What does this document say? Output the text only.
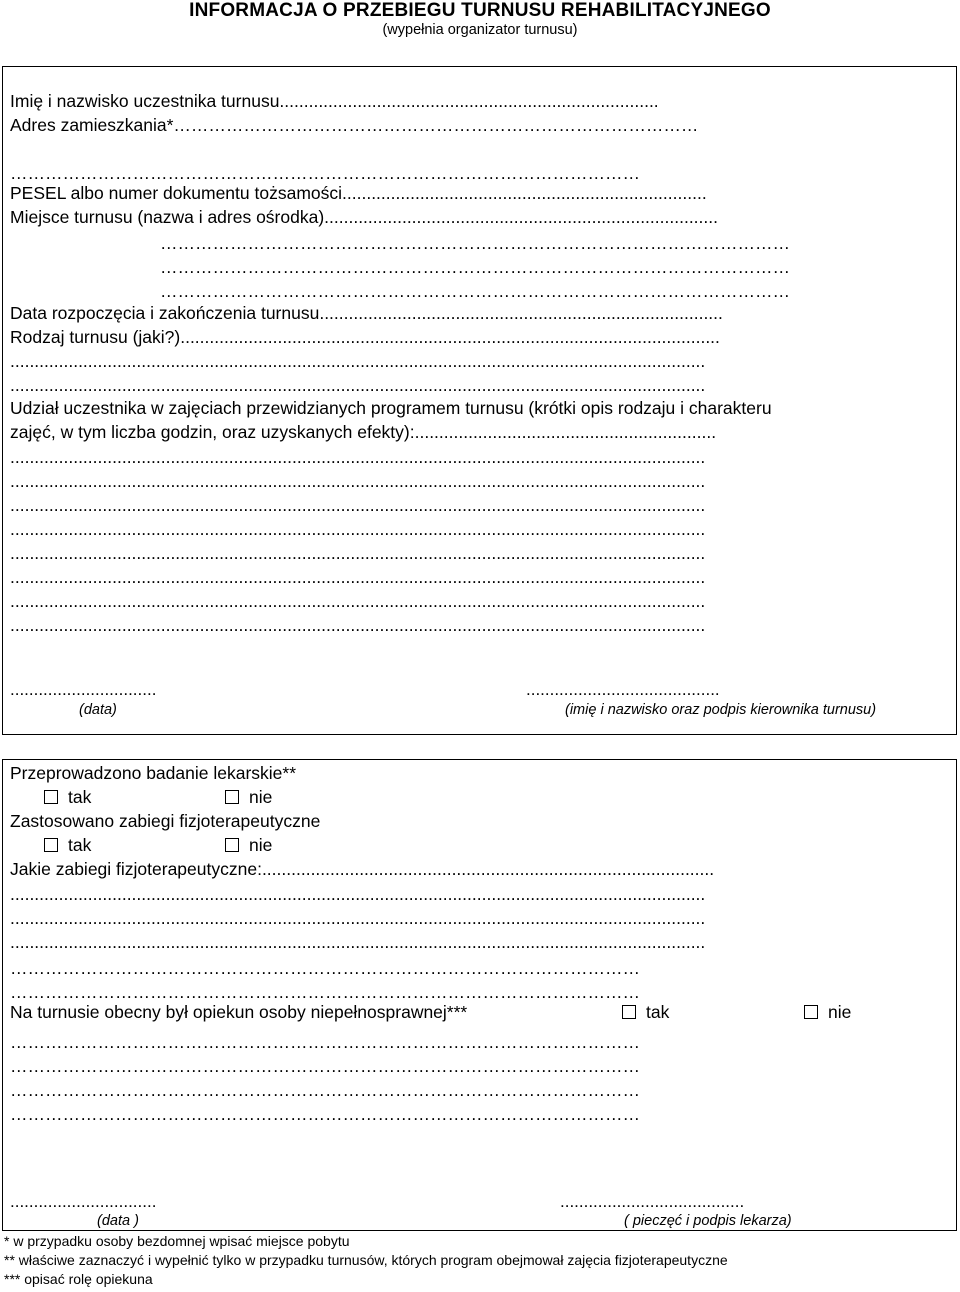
INFORMACJA O PRZEBIEGU TURNUSU REHABILITACYJNEGO
(wypełnia organizator turnusu)
Imię i nazwisko uczestnika turnusu..............................................................................
Adres zamieszkania*………………………………………………………………………………
………………………………………………………………………………………………
PESEL albo numer dokumentu tożsamości...........................................................................
Miejsce turnusu (nazwa i adres ośrodka).................................................................................
………………………………………………………………………………………………
………………………………………………………………………………………………
………………………………………………………………………………………………
Data rozpoczęcia i zakończenia turnusu...................................................................................
Rodzaj turnusu (jaki?)...............................................................................................................
...............................................................................................................................................
...............................................................................................................................................
Udział uczestnika w zajęciach przewidzianych programem turnusu (krótki opis rodzaju i charakteru
zajęć, w tym liczba godzin, oraz uzyskanych efekty):..............................................................
...............................................................................................................................................
...............................................................................................................................................
...............................................................................................................................................
...............................................................................................................................................
...............................................................................................................................................
...............................................................................................................................................
...............................................................................................................................................
...............................................................................................................................................
...............................
(data)
.........................................
(imię i nazwisko oraz podpis kierownika turnusu)
Przeprowadzono badanie lekarskie**
tak	nie
Zastosowano zabiegi fizjoterapeutyczne
tak	nie
Jakie zabiegi fizjoterapeutyczne:.............................................................................................
...............................................................................................................................................
...............................................................................................................................................
...............................................................................................................................................
………………………………………………………………………………………………
………………………………………………………………………………………………
Na turnusie obecny był opiekun osoby niepełnosprawnej***	tak	nie
………………………………………………………………………………………………
………………………………………………………………………………………………
………………………………………………………………………………………………
………………………………………………………………………………………………
...............................
(data )
.......................................
( pieczęć i podpis lekarza)
* w przypadku osoby bezdomnej wpisać miejsce pobytu
** właściwe zaznaczyć i wypełnić tylko w przypadku turnusów, których program obejmował zajęcia fizjoterapeutyczne
*** opisać rolę opiekuna
